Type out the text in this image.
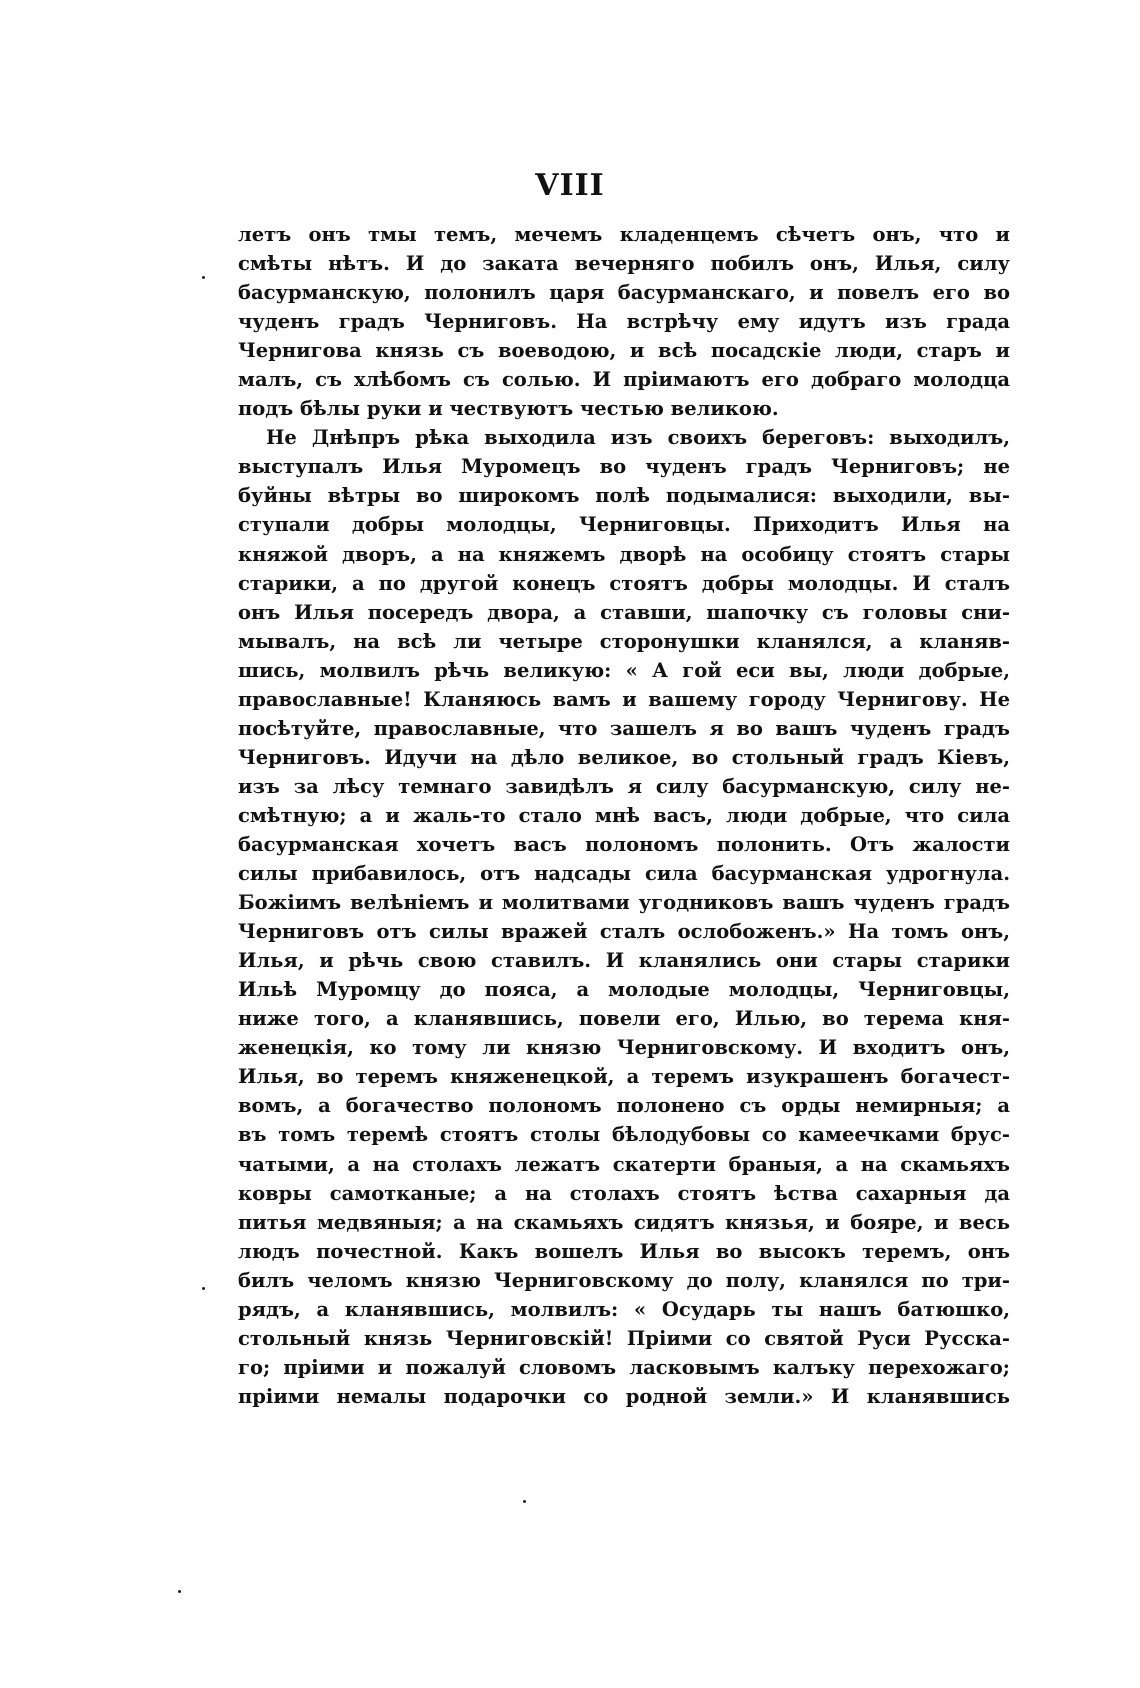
VIII
летъ онъ тмы темъ, мечемъ кладенцемъ сѣчетъ онъ, что и
смѣты нѣтъ. И до заката вечерняго побилъ онъ, Илья, силу
басурманскую, полонилъ царя басурманскаго, и повелъ его во
чуденъ градъ Черниговъ. На встрѣчу ему идутъ изъ града
Чернигова князь съ воеводою, и всѣ посадскіе люди, старъ и
малъ, съ хлѣбомъ съ солью. И пріимаютъ его добраго молодца
подъ бѣлы руки и чествуютъ честью великою.
Не Днѣпръ рѣка выходила изъ своихъ береговъ: выходилъ,
выступалъ Илья Муромецъ во чуденъ градъ Черниговъ; не
буйны вѣтры во широкомъ полѣ подымалися: выходили, вы-
ступали добры молодцы, Черниговцы. Приходитъ Илья на
княжой дворъ, а на княжемъ дворѣ на особицу стоятъ стары
старики, а по другой конецъ стоятъ добры молодцы. И сталъ
онъ Илья посередъ двора, а ставши, шапочку съ головы сни-
мывалъ, на всѣ ли четыре сторонушки кланялся, а кланяв-
шись, молвилъ рѣчь великую: « А гой еси вы, люди добрые,
православные! Кланяюсь вамъ и вашему городу Чернигову. Не
посѣтуйте, православные, что зашелъ я во вашъ чуденъ градъ
Черниговъ. Идучи на дѣло великое, во стольный градъ Кіевъ,
изъ за лѣсу темнаго завидѣлъ я силу басурманскую, силу не-
смѣтную; а и жаль-то стало мнѣ васъ, люди добрые, что сила
басурманская хочетъ васъ полономъ полонить. Отъ жалости
силы прибавилось, отъ надсады сила басурманская удрогнула.
Божіимъ велѣніемъ и молитвами угодниковъ вашъ чуденъ градъ
Черниговъ отъ силы вражей сталъ ослобоженъ.» На томъ онъ,
Илья, и рѣчь свою ставилъ. И кланялись они стары старики
Ильѣ Муромцу до пояса, а молодые молодцы, Черниговцы,
ниже того, а кланявшись, повели его, Илью, во терема кня-
женецкія, ко тому ли князю Черниговскому. И входитъ онъ,
Илья, во теремъ княженецкой, а теремъ изукрашенъ богачест-
вомъ, а богачество полономъ полонено съ орды немирныя; а
въ томъ теремѣ стоятъ столы бѣлодубовы со камеечками брус-
чатыми, а на столахъ лежатъ скатерти браныя, а на скамьяхъ
ковры самотканые; а на столахъ стоятъ ѣства сахарныя да
питья медвяныя; а на скамьяхъ сидятъ князья, и бояре, и весь
людъ почестной. Какъ вошелъ Илья во высокъ теремъ, онъ
билъ челомъ князю Черниговскому до полу, кланялся по три-
рядъ, а кланявшись, молвилъ: « Осударь ты нашъ батюшко,
стольный князь Черниговскій! Пріими со святой Руси Русска-
го; пріими и пожалуй словомъ ласковымъ калъку перехожаго;
пріими немалы подарочки со родной земли.» И кланявшись
